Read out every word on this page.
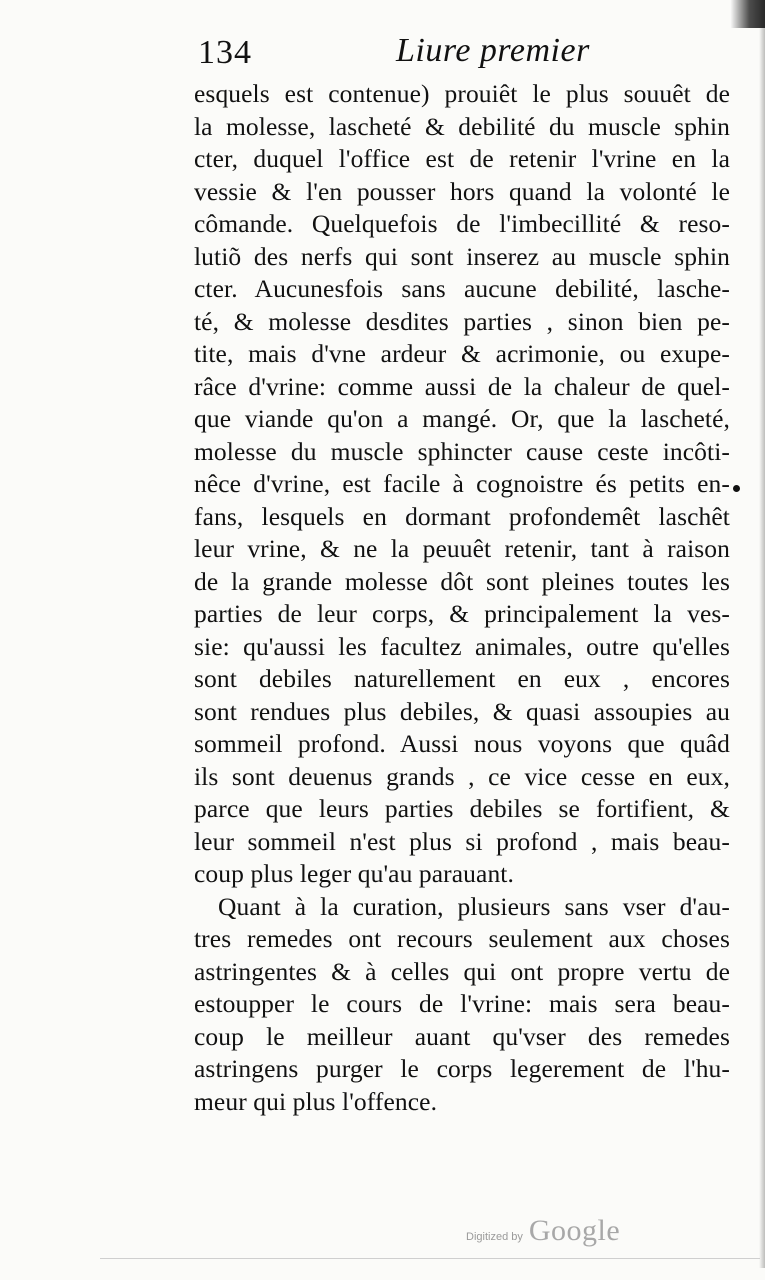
134	Liure premier
esquels est contenue) prouiêt le plus souuêt de
la molesse, lascheté & debilité du muscle sphin
cter, duquel l'office est de retenir l'vrine en la
vessie & l'en pousser hors quand la volonté le
cômande. Quelquefois de l'imbecillité & reso-
lutiõ des nerfs qui sont inserez au muscle sphin
cter. Aucunesfois sans aucune debilité, lasche-
té, & molesse desdites parties , sinon bien pe-
tite, mais d'vne ardeur & acrimonie, ou exupe-
râce d'vrine: comme aussi de la chaleur de quel-
que viande qu'on a mangé. Or, que la lascheté,
molesse du muscle sphincter cause ceste incôti-
nêce d'vrine, est facile à cognoistre és petits en-
fans, lesquels en dormant profondemêt laschêt
leur vrine, & ne la peuuêt retenir, tant à raison
de la grande molesse dôt sont pleines toutes les
parties de leur corps, & principalement la ves-
sie: qu'aussi les facultez animales, outre qu'elles
sont debiles naturellement en eux , encores
sont rendues plus debiles, & quasi assoupies au
sommeil profond. Aussi nous voyons que quâd
ils sont deuenus grands , ce vice cesse en eux,
parce que leurs parties debiles se fortifient, &
leur sommeil n'est plus si profond , mais beau-
coup plus leger qu'au parauant.
Quant à la curation, plusieurs sans vser d'au-
tres remedes ont recours seulement aux choses
astringentes & à celles qui ont propre vertu de
estoupper le cours de l'vrine: mais sera beau-
coup le meilleur auant qu'vser des remedes
astringens purger le corps legerement de l'hu-
meur qui plus l'offence.
Digitized by Google
